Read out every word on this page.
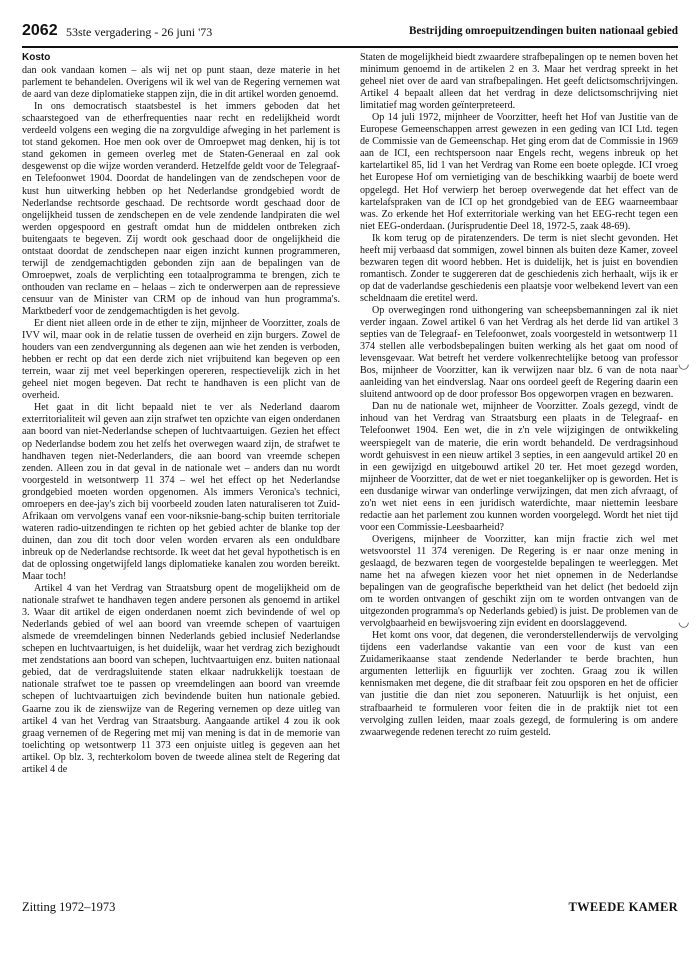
2062 53ste vergadering - 26 juni '73	Bestrijding omroepuitzendingen buiten nationaal gebied
Kosto

dan ook vandaan komen – als wij net op punt staan, deze materie in het parlement te behandelen. Overigens wil ik wel van de Regering vernemen wat de aard van deze diplomatieke stappen zijn, die in dit artikel worden genoemd.

In ons democratisch staatsbestel is het immers geboden dat het schaarstegoed van de etherfrequenties naar recht en redelijkheid wordt verdeeld volgens een weging die na zorgvuldige afweging in het parlement is tot stand gekomen. Hoe men ook over de Omroepwet mag denken, hij is tot stand gekomen in gemeen overleg met de Staten-Generaal en zal ook desgewenst op die wijze worden veranderd. Hetzelfde geldt voor de Telegraaf- en Telefoonwet 1904. Doordat de handelingen van de zendschepen voor de kust hun uitwerking hebben op het Nederlandse grondgebied wordt de Nederlandse rechtsorde geschaad. De rechtsorde wordt geschaad door de ongelijkheid tussen de zendschepen en de vele zendende landpiraten die wel werden opgespoord en gestraft omdat hun de middelen ontbreken zich buitengaats te begeven. Zij wordt ook geschaad door de ongelijkheid die ontstaat doordat de zendschepen naar eigen inzicht kunnen programmeren, terwijl de zendgemachtigden gebonden zijn aan de bepalingen van de Omroepwet, zoals de verplichting een totaalprogramma te brengen, zich te onthouden van reclame en – helaas – zich te onderwerpen aan de repressieve censuur van de Minister van CRM op de inhoud van hun programma's. Marktbederf voor de zendgemachtigden is het gevolg.

Er dient niet alleen orde in de ether te zijn, mijnheer de Voorzitter, zoals de IVV wil, maar ook in de relatie tussen de overheid en zijn burgers. Zowel de houders van een zendvergunning als degenen aan wie het zenden is verboden, hebben er recht op dat een derde zich niet vrijbuitend kan begeven op een terrein, waar zij met veel beperkingen opereren, respectievelijk zich in het geheel niet mogen begeven. Dat recht te handhaven is een plicht van de overheid.

Het gaat in dit licht bepaald niet te ver als Nederland daarom exterritorialiteit wil geven aan zijn strafwet ten opzichte van eigen onderdanen aan boord van niet-Nederlandse schepen of luchtvaartuigen. Gezien het effect op Nederlandse bodem zou het zelfs het overwegen waard zijn, de strafwet te handhaven tegen niet-Nederlanders, die aan boord van vreemde schepen zenden. Alleen zou in dat geval in de nationale wet – anders dan nu wordt voorgesteld in wetsontwerp 11 374 – wel het effect op het Nederlandse grondgebied moeten worden opgenomen. Als immers Veronica's technici, omroepers en dee-jay's zich bij voorbeeld zouden laten naturaliseren tot Zuid-Afrikaan om vervolgens vanaf een voor-niksnie-bang-schip buiten territoriale wateren radio-uitzendingen te richten op het gebied achter de blanke top der duinen, dan zou dit toch door velen worden ervaren als een onduldbare inbreuk op de Nederlandse rechtsorde. Ik weet dat het geval hypothetisch is en dat de oplossing ongetwijfeld langs diplomatieke kanalen zou worden bereikt. Maar toch!

Artikel 4 van het Verdrag van Straatsburg opent de mogelijkheid om de nationale strafwet te handhaven tegen andere personen als genoemd in artikel 3. Waar dit artikel de eigen onderdanen noemt zich bevindende of wel op Nederlands gebied of wel aan boord van vreemde schepen of vaartuigen alsmede de vreemdelingen binnen Nederlands gebied inclusief Nederlandse schepen en luchtvaartuigen, is het duidelijk, waar het verdrag zich bezighoudt met zendstations aan boord van schepen, luchtvaartuigen enz. buiten nationaal gebied, dat de verdragsluitende staten elkaar nadrukkelijk toestaan de nationale strafwet toe te passen op vreemdelingen aan boord van vreemde schepen of luchtvaartuigen zich bevindende buiten hun nationale gebied. Gaarne zou ik de zienswijze van de Regering vernemen op deze uitleg van artikel 4 van het Verdrag van Straatsburg. Aangaande artikel 4 zou ik ook graag vernemen of de Regering met mij van mening is dat in de memorie van toelichting op wetsontwerp 11 373 een onjuiste uitleg is gegeven aan het artikel. Op blz. 3, rechterkolom boven de tweede alinea stelt de Regering dat artikel 4 de

Staten de mogelijkheid biedt zwaardere strafbepalingen op te nemen boven het minimum genoemd in de artikelen 2 en 3. Maar het verdrag spreekt in het geheel niet over de aard van strafbepalingen. Het geeft delictsomschrijvingen. Artikel 4 bepaalt alleen dat het verdrag in deze delictsomschrijving niet limitatief mag worden geïnterpreteerd.

Op 14 juli 1972, mijnheer de Voorzitter, heeft het Hof van Justitie van de Europese Gemeenschappen arrest gewezen in een geding van ICI Ltd. tegen de Commissie van de Gemeenschap. Het ging erom dat de Commissie in 1969 aan de ICI, een rechtspersoon naar Engels recht, wegens inbreuk op het kartelartikel 85, lid 1 van het Verdrag van Rome een boete oplegde. ICI vroeg het Europese Hof om vernietiging van de beschikking waarbij de boete werd opgelegd. Het Hof verwierp het beroep overwegende dat het effect van de kartelafspraken van de ICI op het grondgebied van de EEG waarneembaar was. Zo erkende het Hof exterritoriale werking van het EEG-recht tegen een niet EEG-onderdaan. (Jurisprudentie Deel 18, 1972-5, zaak 48-69).

Ik kom terug op de piratenzenders. De term is niet slecht gevonden. Het heeft mij verbaasd dat sommigen, zowel binnen als buiten deze Kamer, zoveel bezwaren tegen dit woord hebben. Het is duidelijk, het is juist en bovendien romantisch. Zonder te suggereren dat de geschiedenis zich herhaalt, wijs ik er op dat de vaderlandse geschiedenis een plaatsje voor welbekend levert van een scheldnaam die eretitel werd.

Op overwegingen rond uithongering van scheepsbemanningen zal ik niet verder ingaan. Zowel artikel 6 van het Verdrag als het derde lid van artikel 3 septies van de Telegraaf- en Telefoonwet, zoals voorgesteld in wetsontwerp 11 374 stellen alle verbodsbepalingen buiten werking als het gaat om nood of levensgevaar. Wat betreft het verdere volkenrechtelijke betoog van professor Bos, mijnheer de Voorzitter, kan ik verwijzen naar blz. 6 van de nota naar aanleiding van het eindverslag. Naar ons oordeel geeft de Regering daarin een sluitend antwoord op de door professor Bos opgeworpen vragen en bezwaren.

Dan nu de nationale wet, mijnheer de Voorzitter. Zoals gezegd, vindt de inhoud van het Verdrag van Straatsburg een plaats in de Telegraaf- en Telefoonwet 1904. Een wet, die in z'n vele wijzigingen de ontwikkeling weerspiegelt van de materie, die erin wordt behandeld. De verdragsinhoud wordt gehuisvest in een nieuw artikel 3 septies, in een aangevuld artikel 20 en in een gewijzigd en uitgebouwd artikel 20 ter. Het moet gezegd worden, mijnheer de Voorzitter, dat de wet er niet toegankelijker op is geworden. Het is een dusdanige wirwar van onderlinge verwijzingen, dat men zich afvraagt, of zo'n wet niet eens in een juridisch waterdichte, maar niettemin leesbare redactie aan het parlement zou kunnen worden voorgelegd. Wordt het niet tijd voor een Commissie-Leesbaarheid?

Overigens, mijnheer de Voorzitter, kan mijn fractie zich wel met wetsvoorstel 11 374 verenigen. De Regering is er naar onze mening in geslaagd, de bezwaren tegen de voorgestelde bepalingen te weerleggen. Met name het na afwegen kiezen voor het niet opnemen in de Nederlandse bepalingen van de geografische beperktheid van het delict (het bedoeld zijn om te worden ontvangen of geschikt zijn om te worden ontvangen van de uitgezonden programma's op Nederlands gebied) is juist. De problemen van de vervolgbaarheid en bewijsvoering zijn evident en doorslaggevend.

Het komt ons voor, dat degenen, die veronderstellenderwijs de vervolging tijdens een vaderlandse vakantie van een voor de kust van een Zuidamerikaanse staat zendende Nederlander te berde brachten, hun argumenten letterlijk en figuurlijk ver zochten. Graag zou ik willen kennismaken met degene, die dit strafbaar feit zou opsporen en het de officier van justitie die dan niet zou seponeren. Natuurlijk is het onjuist, een strafbaarheid te formuleren voor feiten die in de praktijk niet tot een vervolging zullen leiden, maar zoals gezegd, de formulering is om andere zwaarwegende redenen terecht zo ruim gesteld.

◡
◡
Zitting 1972–1973	TWEEDE KAMER
